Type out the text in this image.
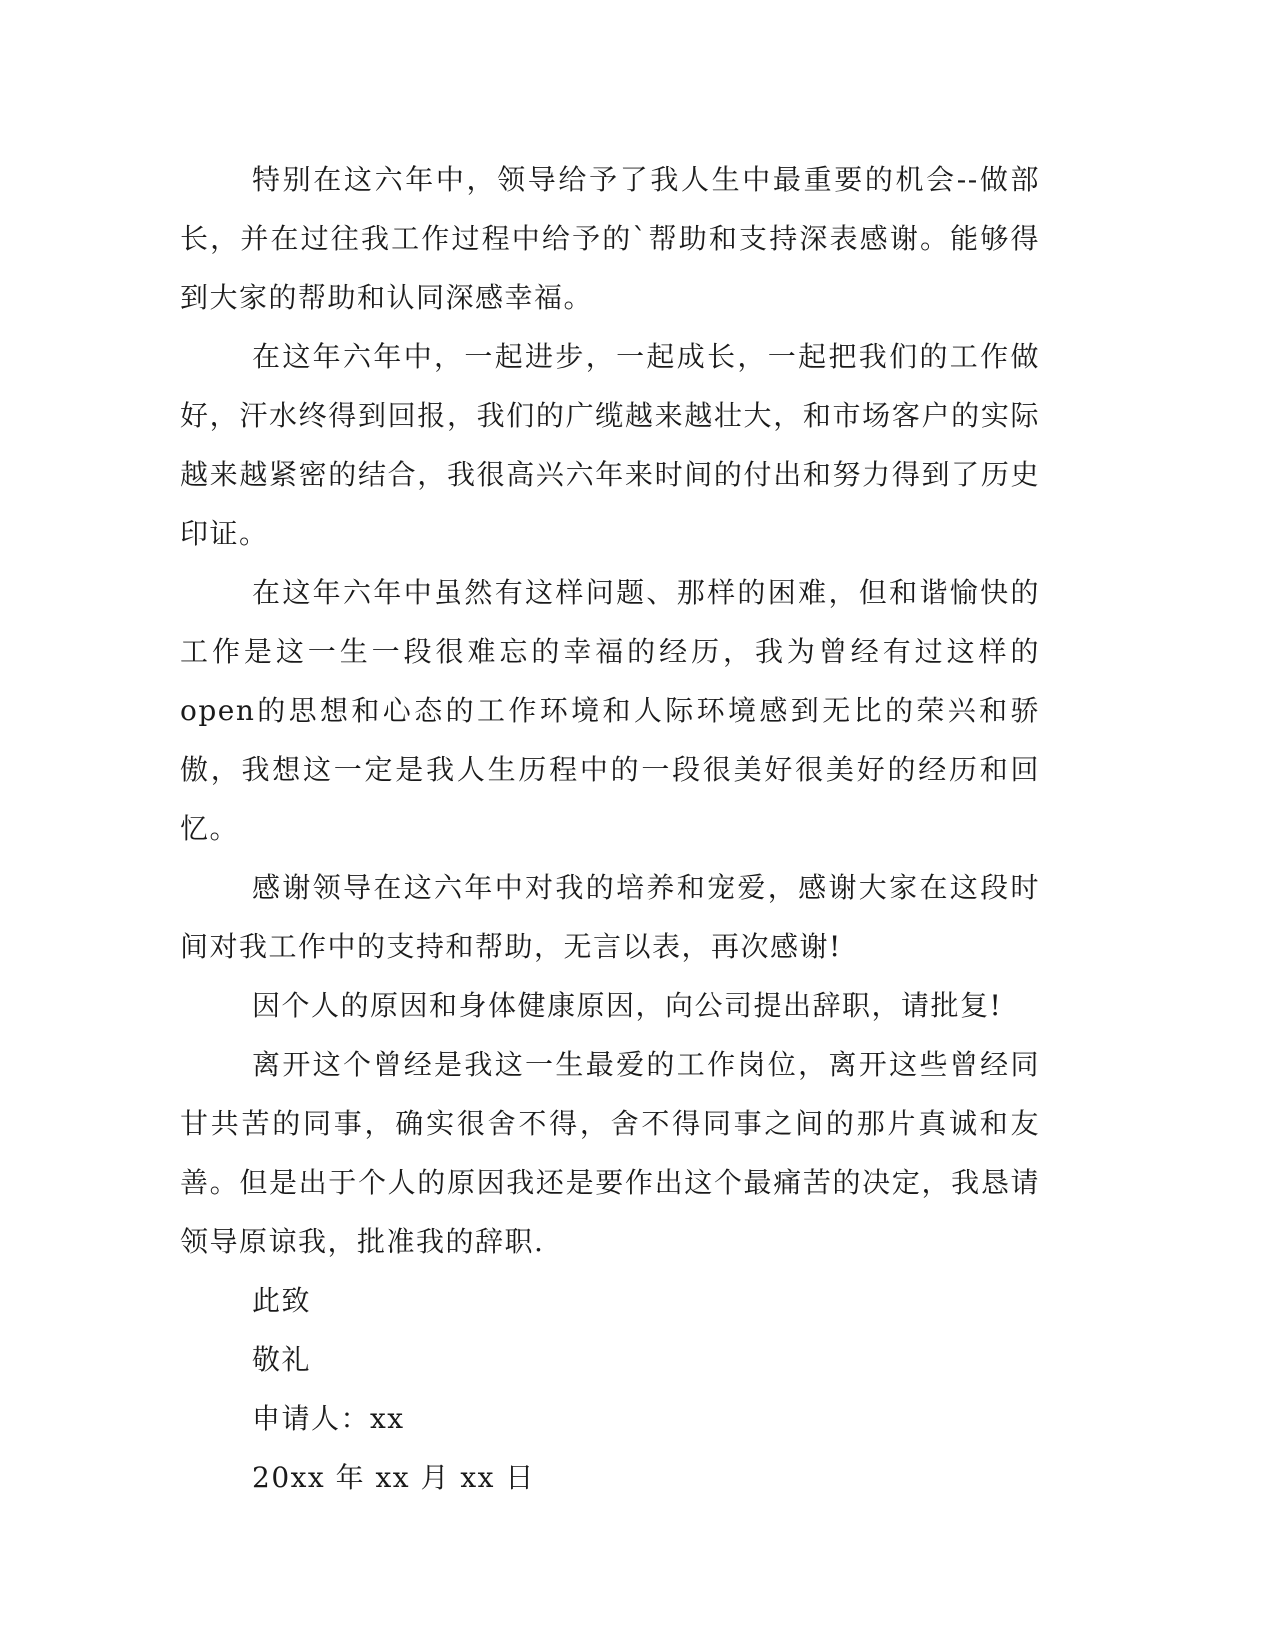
特别在这六年中，领导给予了我人生中最重要的机会--做部长，并在过往我工作过程中给予的`帮助和支持深表感谢。能够得到大家的帮助和认同深感幸福。

在这年六年中，一起进步，一起成长，一起把我们的工作做好，汗水终得到回报，我们的广缆越来越壮大，和市场客户的实际越来越紧密的结合，我很高兴六年来时间的付出和努力得到了历史印证。

在这年六年中虽然有这样问题、那样的困难，但和谐愉快的工作是这一生一段很难忘的幸福的经历，我为曾经有过这样的open的思想和心态的工作环境和人际环境感到无比的荣兴和骄傲，我想这一定是我人生历程中的一段很美好很美好的经历和回忆。

感谢领导在这六年中对我的培养和宠爱，感谢大家在这段时间对我工作中的支持和帮助，无言以表，再次感谢!

因个人的原因和身体健康原因，向公司提出辞职，请批复!

离开这个曾经是我这一生最爱的工作岗位，离开这些曾经同甘共苦的同事，确实很舍不得，舍不得同事之间的那片真诚和友善。但是出于个人的原因我还是要作出这个最痛苦的决定，我恳请领导原谅我，批准我的辞职.

此致

敬礼

申请人：xx

20xx 年 xx 月 xx 日
